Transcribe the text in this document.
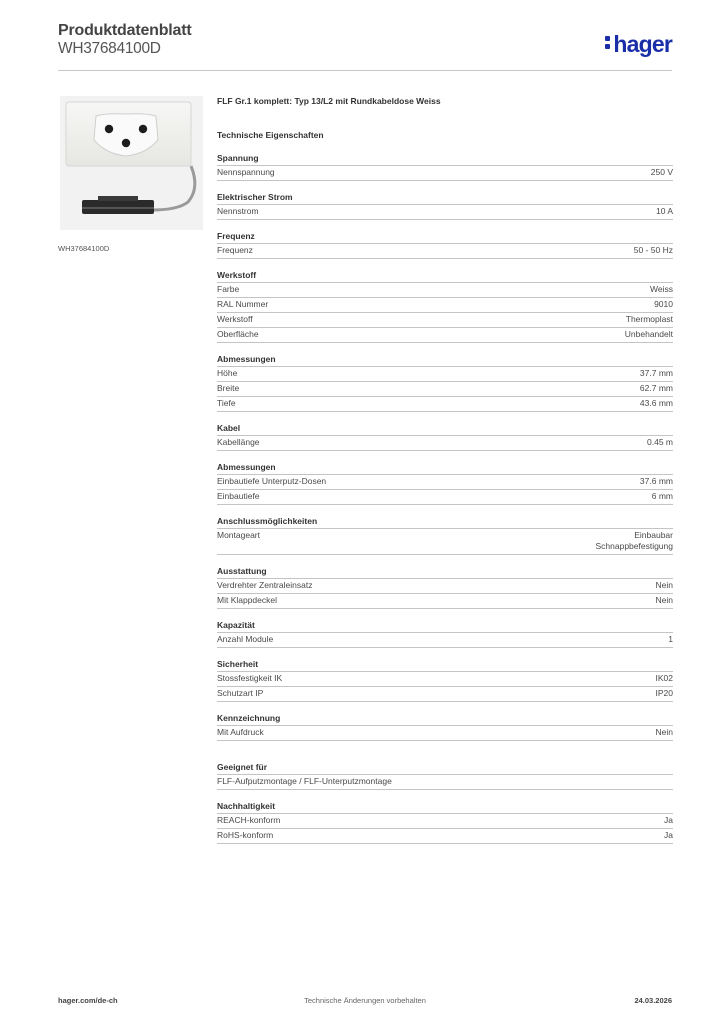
Produktdatenblatt
WH37684100D	hager
WH37684100D
FLF Gr.1 komplett: Typ 13/L2 mit Rundkabeldose Weiss
Technische Eigenschaften
Spannung
Nennspannung	250 V
Elektrischer Strom
Nennstrom	10 A
Frequenz
Frequenz	50 - 50 Hz
Werkstoff
Farbe	Weiss
RAL Nummer	9010
Werkstoff	Thermoplast
Oberfläche	Unbehandelt
Abmessungen
Höhe	37.7 mm
Breite	62.7 mm
Tiefe	43.6 mm
Kabel
Kabellänge	0.45 m
Abmessungen
Einbautiefe Unterputz-Dosen	37.6 mm
Einbautiefe	6 mm
Anschlussmöglichkeiten
Montageart	Einbaubar
Schnappbefestigung
Ausstattung
Verdrehter Zentraleinsatz	Nein
Mit Klappdeckel	Nein
Kapazität
Anzahl Module	1
Sicherheit
Stossfestigkeit IK	IK02
Schutzart IP	IP20
Kennzeichnung
Mit Aufdruck	Nein
Geeignet für
FLF-Aufputzmontage / FLF-Unterputzmontage
Nachhaltigkeit
REACH-konform	Ja
RoHS-konform	Ja
hager.com/de-ch	Technische Änderungen vorbehalten	24.03.2026
